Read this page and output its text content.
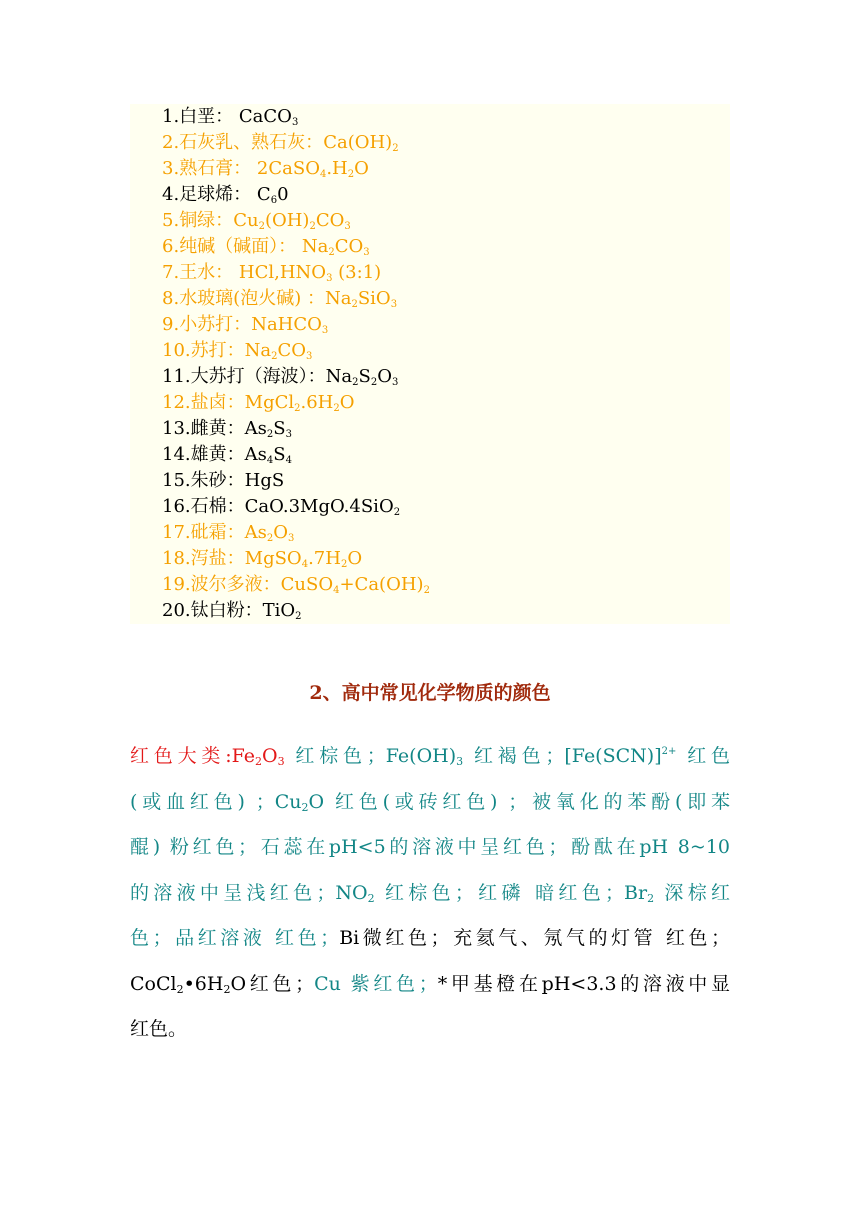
1.白垩： CaCO$_3$
2.石灰乳、熟石灰：$Ca(OH)_2$
3.熟石膏： $2CaSO_4.H_2O$
4.足球烯： $C_60$
5.铜绿：$Cu_2(OH)_2CO_3$
6.纯碱（碱面）： $Na_2CO_3$
7.王水： $HCl,HNO_3$ (3:1)
8.水玻璃(泡火碱) ：$Na_2SiO_3$
9.小苏打：NaHCO$_3$
10.苏打：$Na_2CO_3$
11.大苏打（海波）：$Na_2S_2O_3$
12.盐卤：$MgCl_2.6H_2O$
13.雌黄：$As_2S_3$
14.雄黄：$As_4S_4$
15.朱砂：HgS
16.石棉：CaO.3MgO.4SiO$_2$
17.砒霜：$As_2O_3$
18.泻盐：$MgSO_4.7H_2O$
19.波尔多液：$CuSO_4+Ca(OH)_2$
20.钛白粉：TiO$_2$
2、高中常见化学物质的颜色
红色大类$:Fe_2O_3$ 红棕色；$Fe(OH)_3$ 红褐色；$[Fe(SCN)]^{2+}$ 红色
(或血红色) ；$Cu_2O$ 红色(或砖红色) ；被氧化的苯酚(即苯
醌) 粉红色；石蕊在pH<5的溶液中呈红色；酚酞在pH 8~10
的溶液中呈浅红色；$NO_2$ 红棕色；红磷 暗红色；$Br_2$ 深棕红
色；品红溶液 红色；Bi微红色；充氦气、氖气的灯管 红色；
$CoCl_2•6H_2O$红色；Cu 紫红色；*甲基橙在pH<3.3的溶液中显
红色。
